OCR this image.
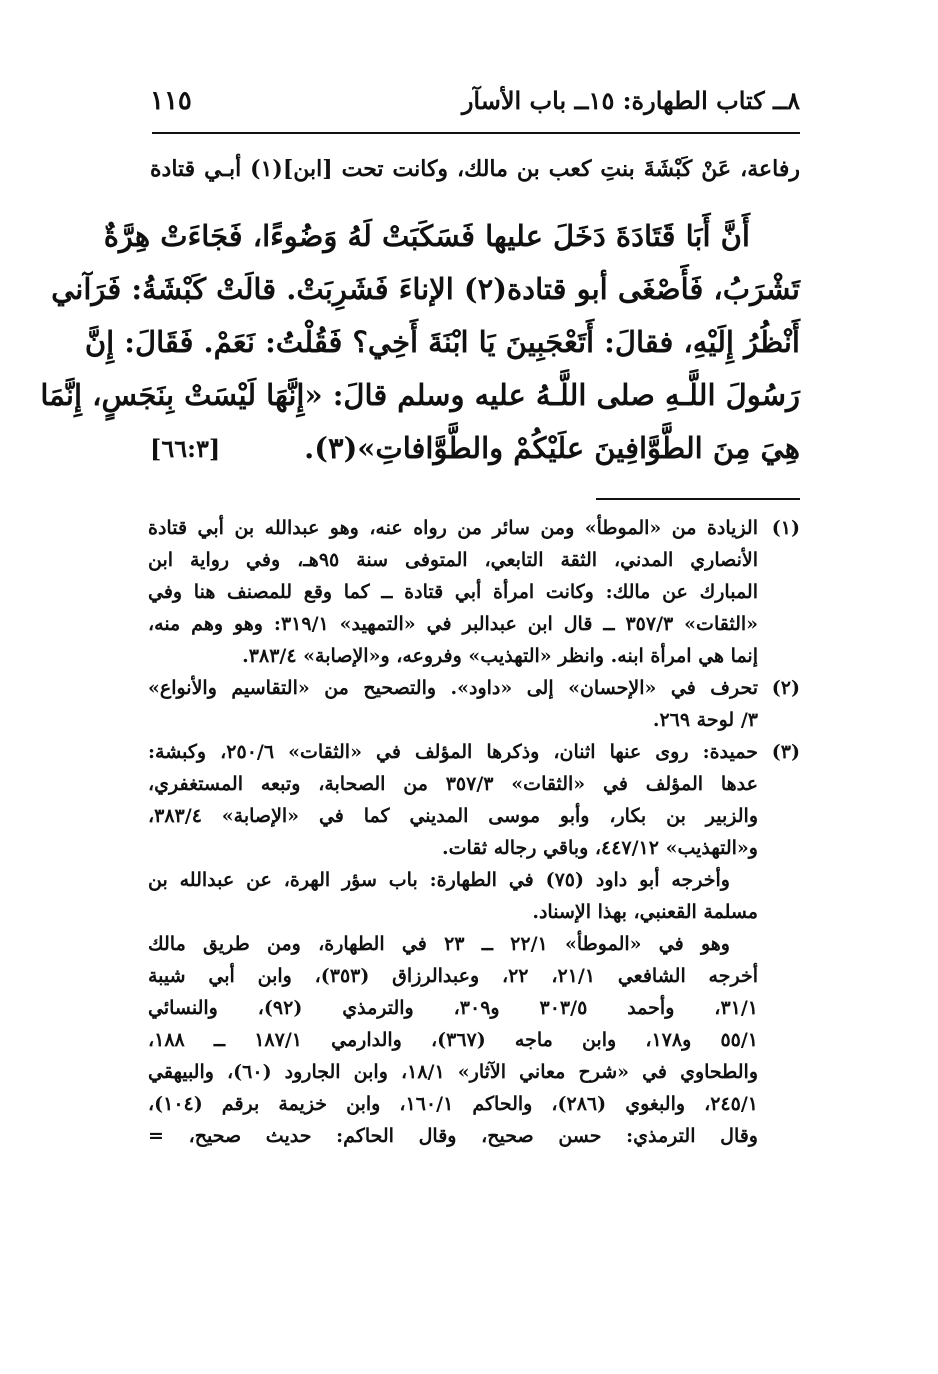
٨ــ كتاب الطهارة: ١٥ــ باب الأسآر
١١٥
رفاعة، عَنْ كَبْشَةَ بنتِ كعب بن مالك، وكانت تحت [ابن](١) أبـي قتادة
أَنَّ أَبَا قَتَادَةَ دَخَلَ عليها فَسَكَبَتْ لَهُ وَضُوءًا، فَجَاءَتْ هِرَّةٌ
تَشْرَبُ، فَأَصْغَى أبو قتادة(٢) الإناءَ فَشَرِبَتْ. قالَتْ كَبْشَةُ: فَرَآني
أَنْظُرُ إِلَيْهِ، فقالَ: أَتَعْجَبِينَ يَا ابْنَةَ أَخِي؟ فَقُلْتُ: نَعَمْ. فَقَالَ: إِنَّ
رَسُولَ اللَّـهِ صلى اللَّـهُ عليه وسلم قالَ: «إِنَّهَا لَيْسَتْ بِنَجَسٍ، إِنَّمَا
هِيَ مِنَ الطَّوَّافِينَ علَيْكُمْ والطَّوَّافاتِ»(٣).
[٦٦:٣]
(١)
الزيادة من «الموطأ» ومن سائر من رواه عنه، وهو عبدالله بن أبي قتادة
الأنصاري المدني، الثقة التابعي، المتوفى سنة ٩٥هـ، وفي رواية ابن
المبارك عن مالك: وكانت امرأة أبي قتادة ــ كما وقع للمصنف هنا وفي
«الثقات» ٣٥٧/٣ ــ قال ابن عبدالبر في «التمهيد» ٣١٩/١: وهو وهم منه،
إنما هي امرأة ابنه. وانظر «التهذيب» وفروعه، و«الإصابة» ٣٨٣/٤.
(٢)
تحرف في «الإحسان» إلى «داود». والتصحيح من «التقاسيم والأنواع»
٣/ لوحة ٢٦٩.
(٣)
حميدة: روى عنها اثنان، وذكرها المؤلف في «الثقات» ٢٥٠/٦، وكبشة:
عدها المؤلف في «الثقات» ٣٥٧/٣ من الصحابة، وتبعه المستغفري،
والزبير بن بكار، وأبو موسى المديني كما في «الإصابة» ٣٨٣/٤،
و«التهذيب» ٤٤٧/١٢، وباقي رجاله ثقات.
وأخرجه أبو داود (٧٥) في الطهارة: باب سؤر الهرة، عن عبدالله بن
مسلمة القعنبي، بهذا الإسناد.
وهو في «الموطأ» ٢٢/١ ــ ٢٣ في الطهارة، ومن طريق مالك
أخرجه الشافعي ٢١/١، ٢٢، وعبدالرزاق (٣٥٣)، وابن أبي شيبة
٣١/١، وأحمد ٣٠٣/٥ و٣٠٩، والترمذي (٩٢)، والنسائي
٥٥/١ و١٧٨، وابن ماجه (٣٦٧)، والدارمي ١٨٧/١ ــ ١٨٨،
والطحاوي في «شرح معاني الآثار» ١٨/١، وابن الجارود (٦٠)، والبيهقي
٢٤٥/١، والبغوي (٢٨٦)، والحاكم ١٦٠/١، وابن خزيمة برقم (١٠٤)،
وقال الترمذي: حسن صحيح، وقال الحاكم: حديث صحيح، =
